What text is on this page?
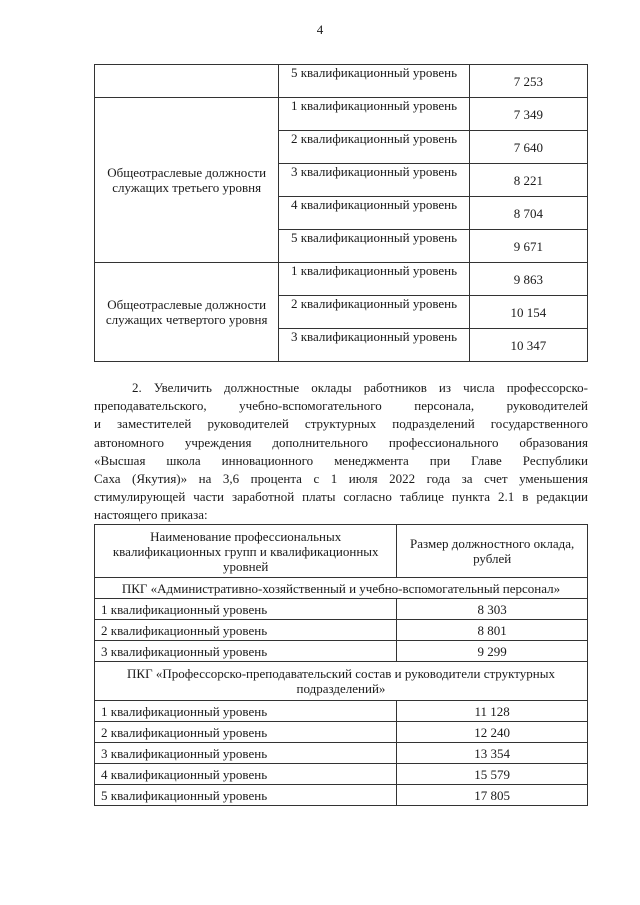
4
	5 квалификационный уровень	7 253
Общеотраслевые должности служащих третьего уровня	1 квалификационный уровень	7 349
	2 квалификационный уровень	7 640
	3 квалификационный уровень	8 221
	4 квалификационный уровень	8 704
	5 квалификационный уровень	9 671
Общеотраслевые должности служащих четвертого уровня	1 квалификационный уровень	9 863
	2 квалификационный уровень	10 154
	3 квалификационный уровень	10 347
2. Увеличить должностные оклады работников из числа профессорско-
преподавательского, учебно-вспомогательного персонала, руководителей
и заместителей руководителей структурных подразделений государственного
автономного учреждения дополнительного профессионального образования
«Высшая школа инновационного менеджмента при Главе Республики
Саха (Якутия)» на 3,6 процента с 1 июля 2022 года за счет уменьшения
стимулирующей части заработной платы согласно таблице пункта 2.1 в редакции
настоящего приказа:
Наименование профессиональных квалификационных групп и квалификационных уровней	Размер должностного оклада, рублей
ПКГ «Административно-хозяйственный и учебно-вспомогательный персонал»	
1 квалификационный уровень	8 303
2 квалификационный уровень	8 801
3 квалификационный уровень	9 299
ПКГ «Профессорско-преподавательский состав и руководители структурных подразделений»	
1 квалификационный уровень	11 128
2 квалификационный уровень	12 240
3 квалификационный уровень	13 354
4 квалификационный уровень	15 579
5 квалификационный уровень	17 805
